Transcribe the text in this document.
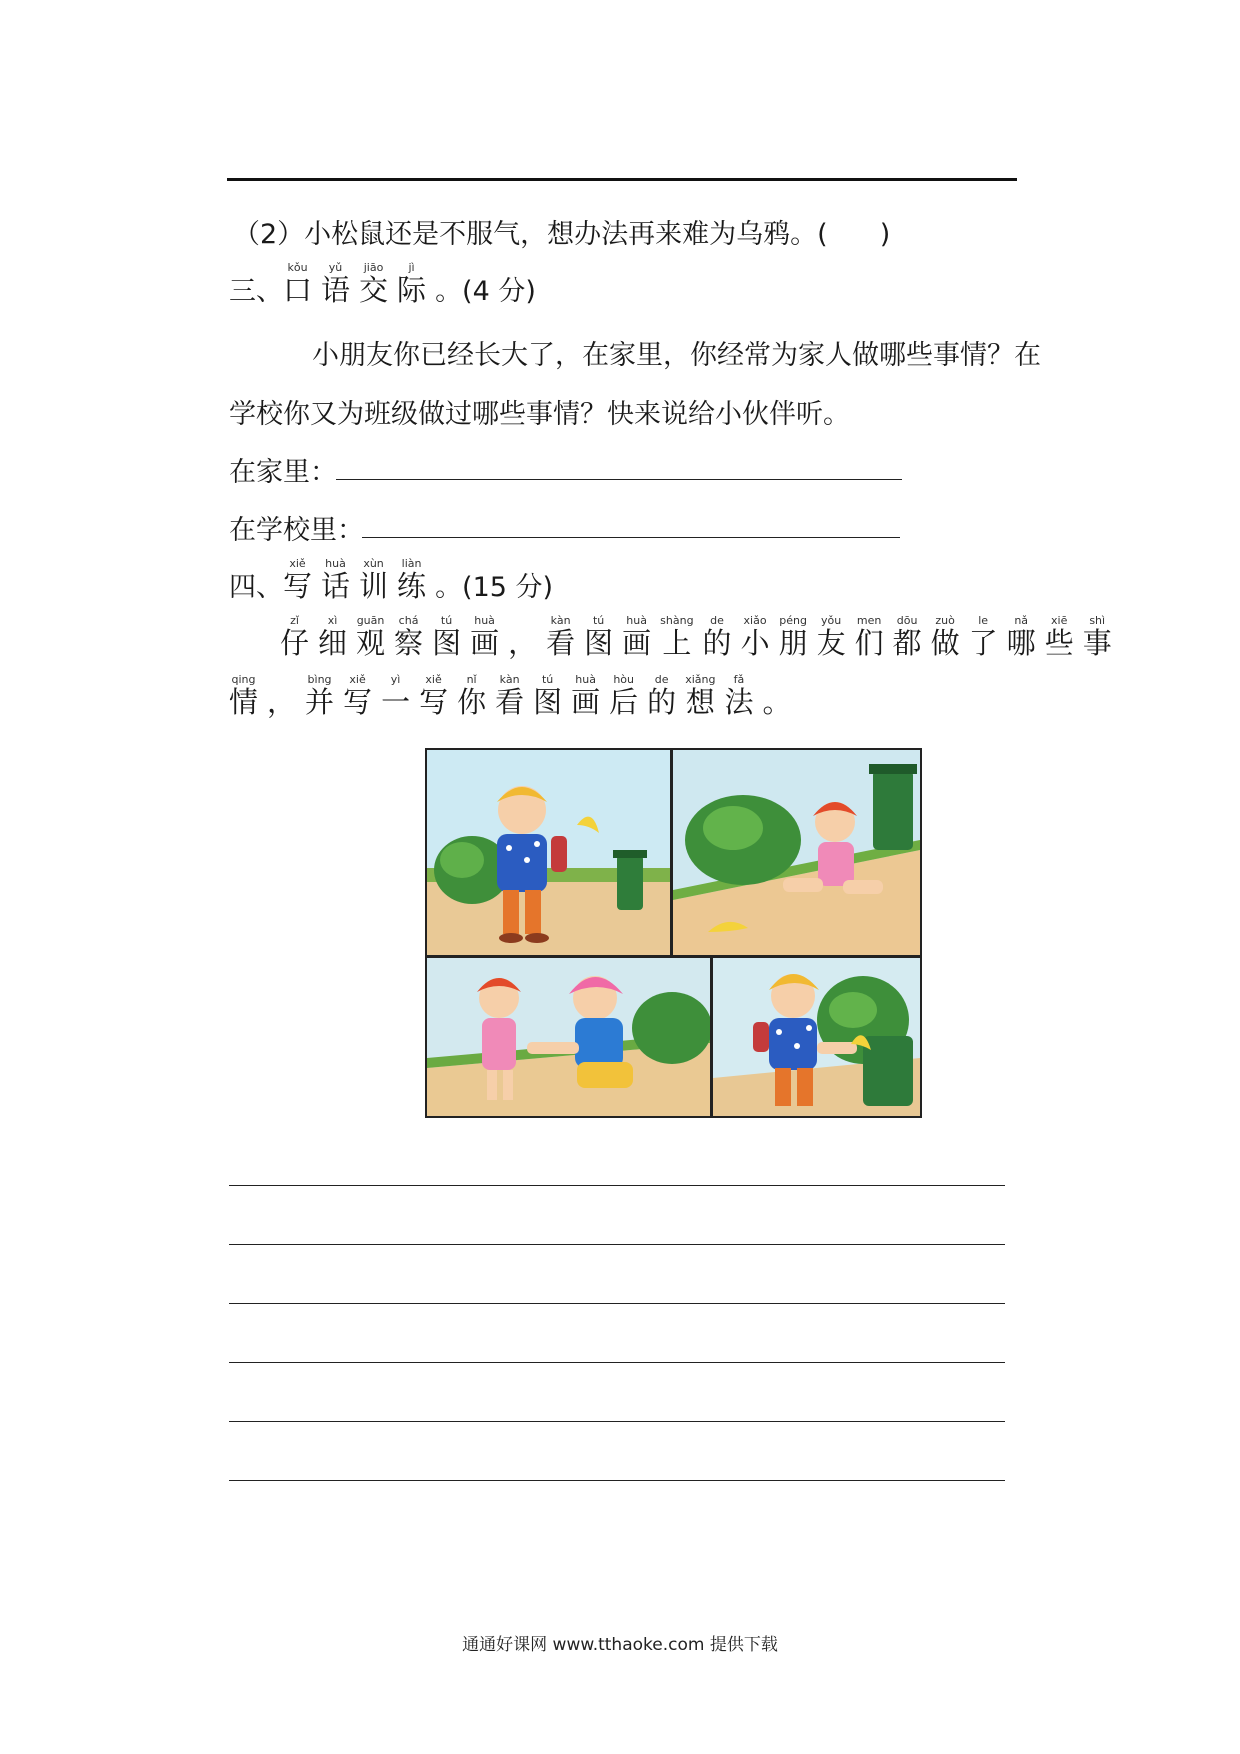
（2）小松鼠还是不服气，想办法再来难为乌鸦。( )
三、口kǒu语yǔ交jiāo际jì。(4 分)
小朋友你已经长大了，在家里，你经常为家人做哪些事情？在
学校你又为班级做过哪些事情？快来说给小伙伴听。
在家里：
在学校里：
四、写xiě话huà训xùn练liàn。(15 分)
仔zǐ细xì观guān察chá图tú画huà， 看kàn图tú画huà上shàng的de小xiǎo朋péng友yǒu们men都dōu做zuò了le哪nǎ些xiē事shì
情qing， 并bìng写xiě一yì写xiě你nǐ看kàn图tú画huà后hòu的de想xiǎng法fǎ。
通通好课网 www.tthaoke.com 提供下载
